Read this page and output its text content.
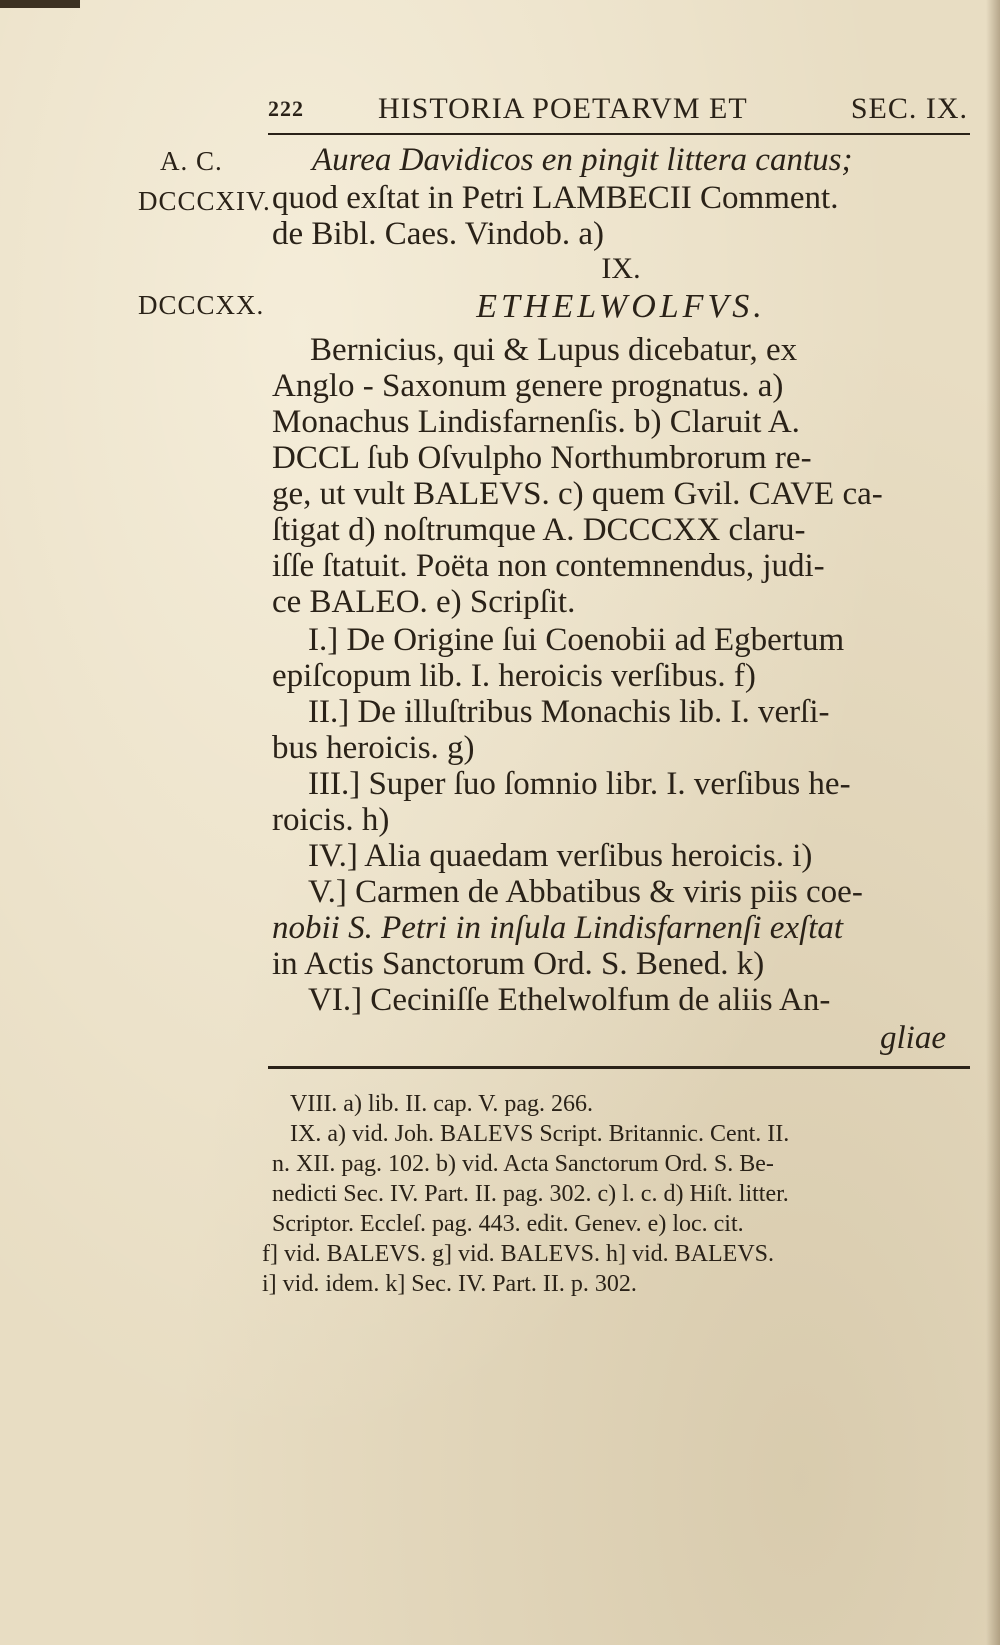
222 HISTORIA POETARVM ET	SEC. IX.
A. C.
DCCCXIV.
DCCCXX.
Aurea Davidicos en pingit littera cantus;
quod exſtat in Petri LAMBECII Comment.
de Bibl. Caes. Vindob. a)
IX.
ETHELWOLFVS.
Bernicius, qui & Lupus dicebatur, ex
Anglo - Saxonum genere prognatus. a)
Monachus Lindisfarnenſis. b) Claruit A.
DCCL ſub Oſvulpho Northumbrorum re-
ge, ut vult BALEVS. c) quem Gvil. CAVE ca-
ſtigat d) noſtrumque A. DCCCXX claru-
iſſe ſtatuit. Poëta non contemnendus, judi-
ce BALEO. e) Scripſit.
I.] De Origine ſui Coenobii ad Egbertum
epiſcopum lib. I. heroicis verſibus. f)
II.] De illuſtribus Monachis lib. I. verſi-
bus heroicis. g)
III.] Super ſuo ſomnio libr. I. verſibus he-
roicis. h)
IV.] Alia quaedam verſibus heroicis. i)
V.] Carmen de Abbatibus & viris piis coe-
nobii S. Petri in inſula Lindisfarnenſi exſtat
in Actis Sanctorum Ord. S. Bened. k)
VI.] Ceciniſſe Ethelwolfum de aliis An-
gliae
VIII. a) lib. II. cap. V. pag. 266.
IX. a) vid. Joh. BALEVS Script. Britannic. Cent. II.
n. XII. pag. 102. b) vid. Acta Sanctorum Ord. S. Be-
nedicti Sec. IV. Part. II. pag. 302. c) l. c. d) Hiſt. litter.
Scriptor. Eccleſ. pag. 443. edit. Genev. e) loc. cit.
f] vid. BALEVS. g] vid. BALEVS. h] vid. BALEVS.
i] vid. idem. k] Sec. IV. Part. II. p. 302.
